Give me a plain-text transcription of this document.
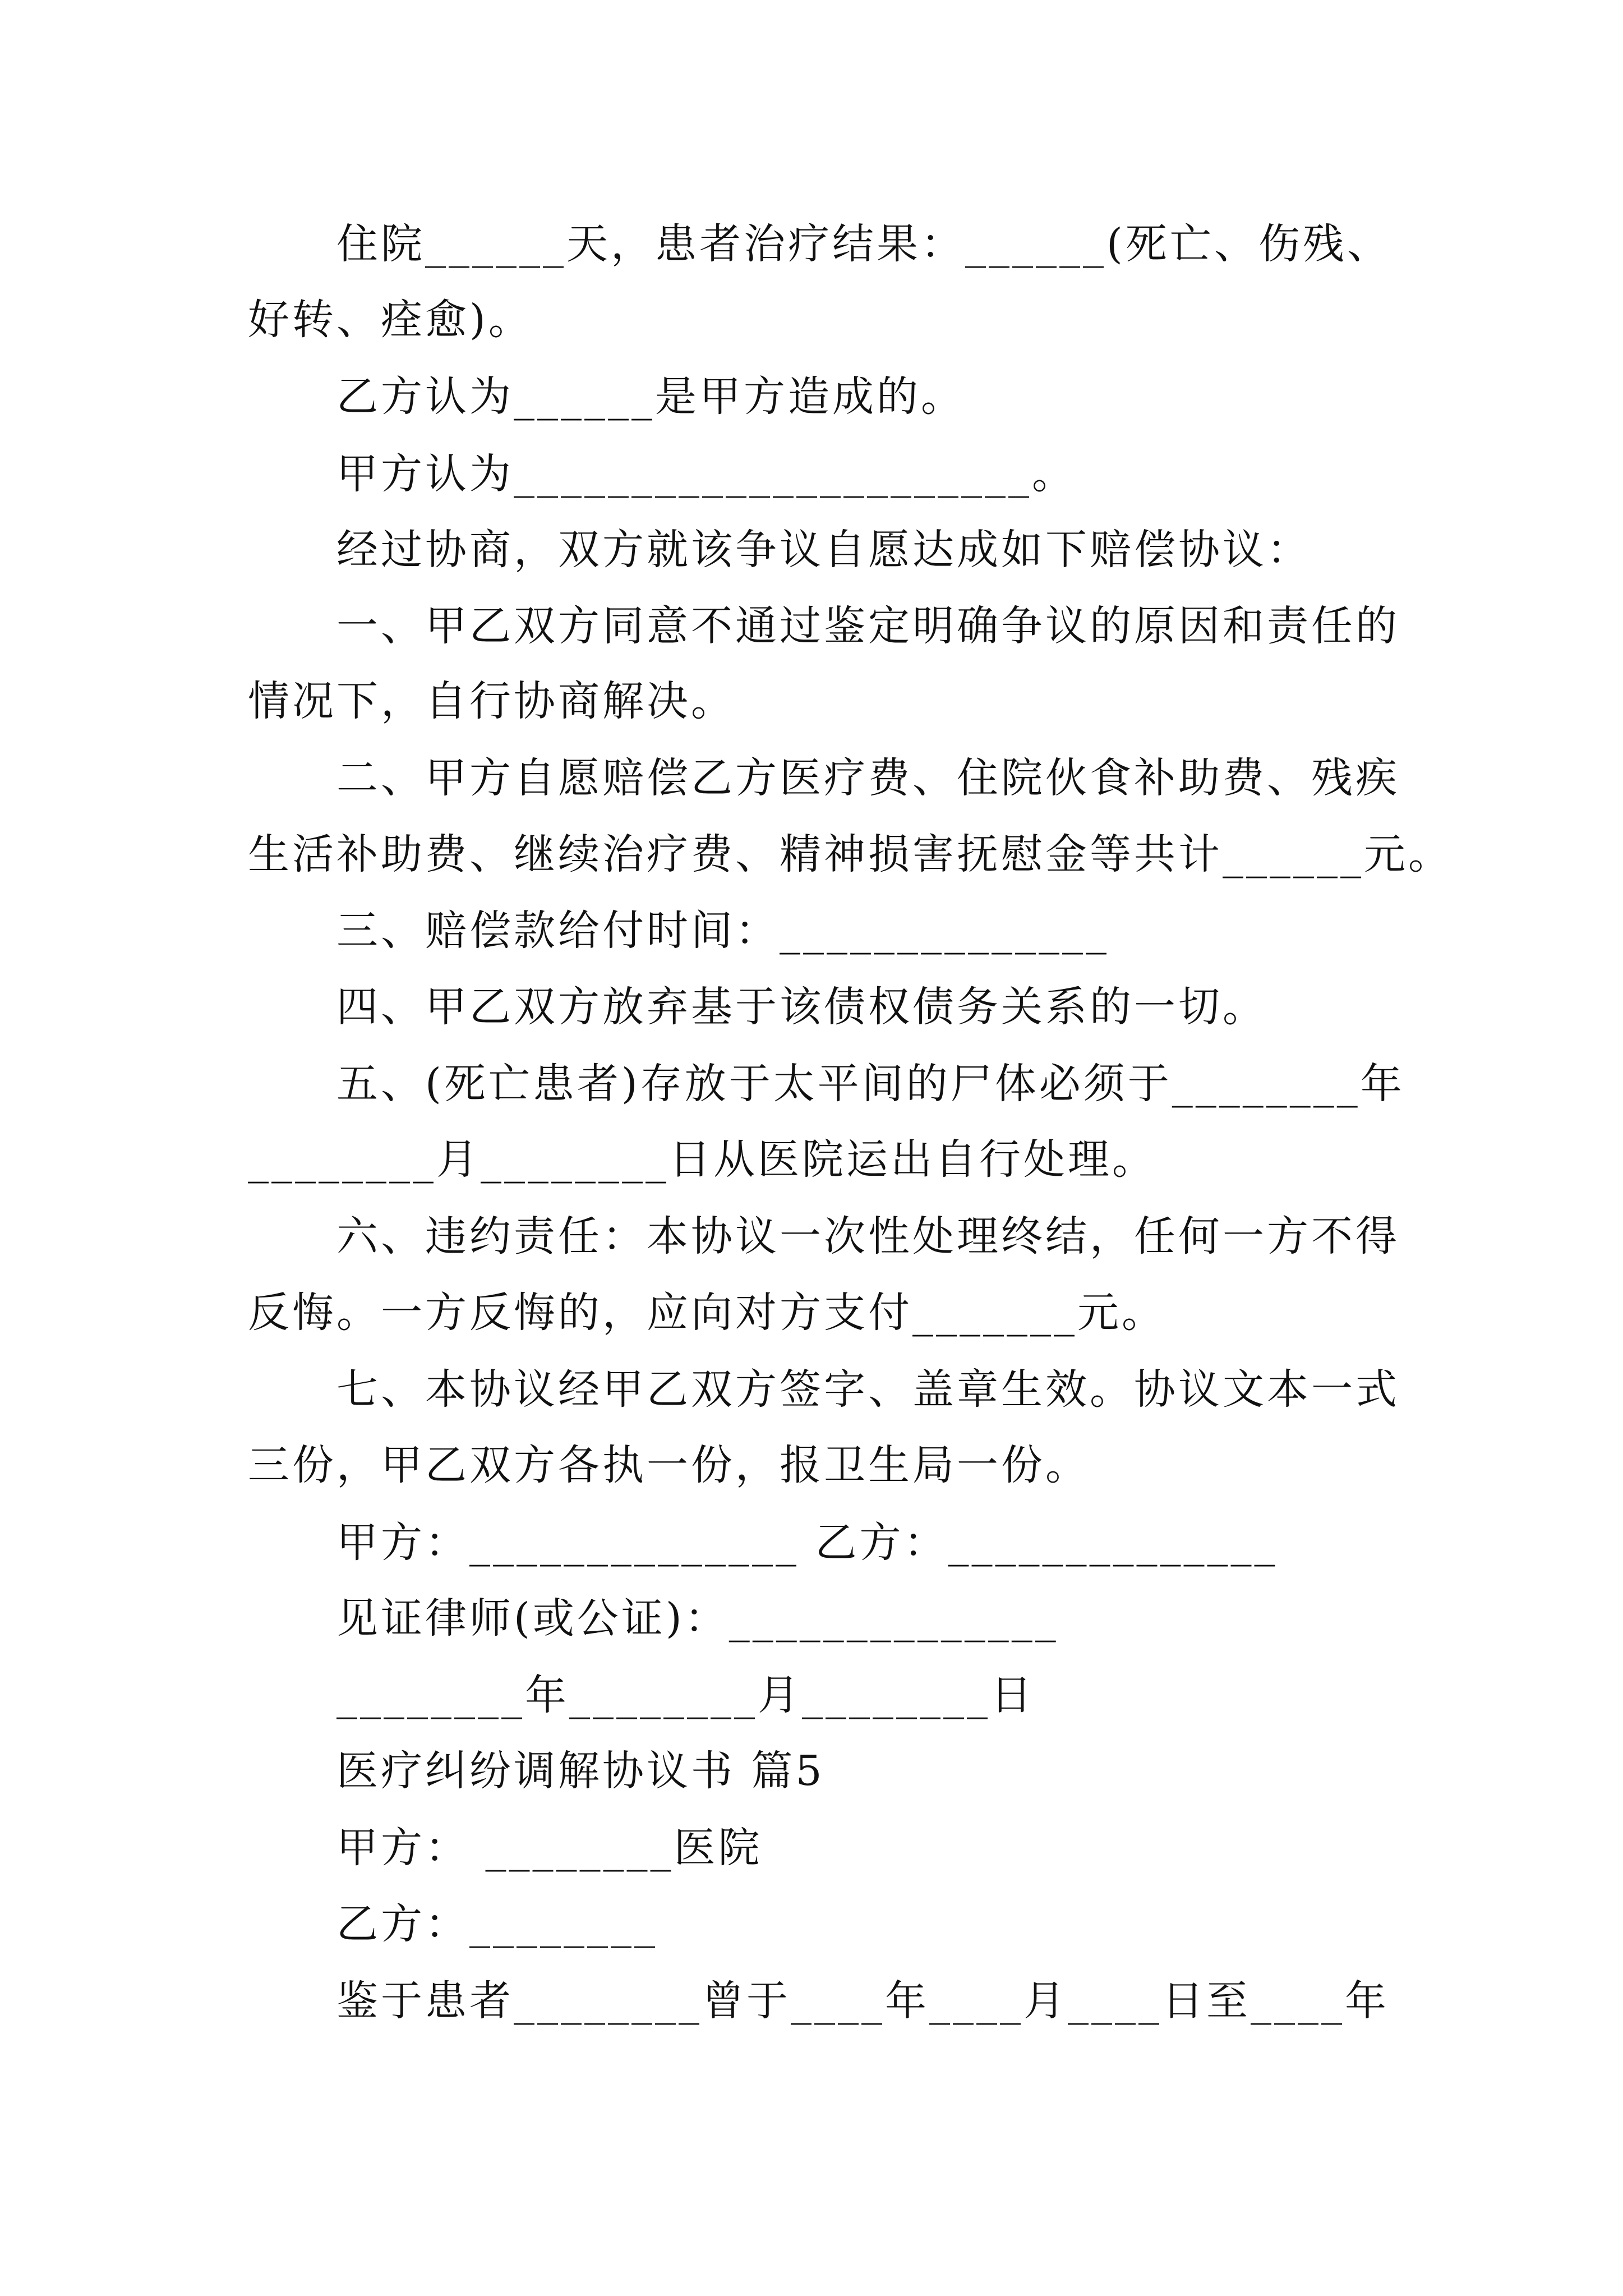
住院______天，患者治疗结果：______(死亡、伤残、
好转、痊愈)。
乙方认为______是甲方造成的。
甲方认为______________________。
经过协商，双方就该争议自愿达成如下赔偿协议：
一、甲乙双方同意不通过鉴定明确争议的原因和责任的
情况下，自行协商解决。
二、甲方自愿赔偿乙方医疗费、住院伙食补助费、残疾
生活补助费、继续治疗费、精神损害抚慰金等共计______元。
三、赔偿款给付时间：______________
四、甲乙双方放弃基于该债权债务关系的一切。
五、(死亡患者)存放于太平间的尸体必须于________年
________月________日从医院运出自行处理。
六、违约责任：本协议一次性处理终结，任何一方不得
反悔。一方反悔的，应向对方支付_______元。
七、本协议经甲乙双方签字、盖章生效。协议文本一式
三份，甲乙双方各执一份，报卫生局一份。
甲方：______________ 乙方：______________
见证律师(或公证)：______________
________年________月________日
医疗纠纷调解协议书 篇5
甲方： ________医院
乙方：________
鉴于患者________曾于____年____月____日至____年
